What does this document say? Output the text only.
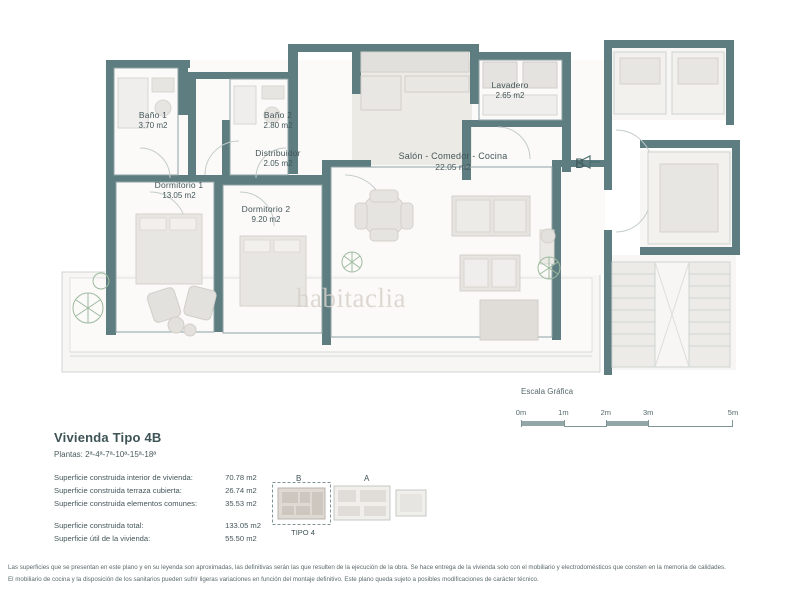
Baño 1
3.70 m2
Baño 2
2.80 m2
Distribuidor
2.05 m2
Lavadero
2.65 m2
Salón - Comedor - Cocina
22.05 m2
Dormitorio 1
13.05 m2
Dormitorio 2
9.20 m2
B
habitaclia
Escala Gráfica
0m	1m	2m	3m	5m
Vivienda Tipo 4B
Plantas: 2ª-4ª-7ª-10ª-15ª-18ª
Superficie construida interior de vivienda:	70.78 m2
Superficie construida terraza cubierta:	26.74 m2
Superficie construida elementos comunes:	35.53 m2
Superficie construida total:	133.05 m2
Superficie útil de la vivienda:	55.50 m2
B	A
TIPO 4

Las superficies que se presentan en este plano y en su leyenda son aproximadas, las definitivas serán las que resulten de la ejecución de la obra. Se hace entrega de la vivienda solo con el mobiliario y electrodomésticos que consten en la memoria de calidades.

El mobiliario de cocina y la disposición de los sanitarios pueden sufrir ligeras variaciones en función del montaje definitivo. Este plano queda sujeto a posibles modificaciones de carácter técnico.
